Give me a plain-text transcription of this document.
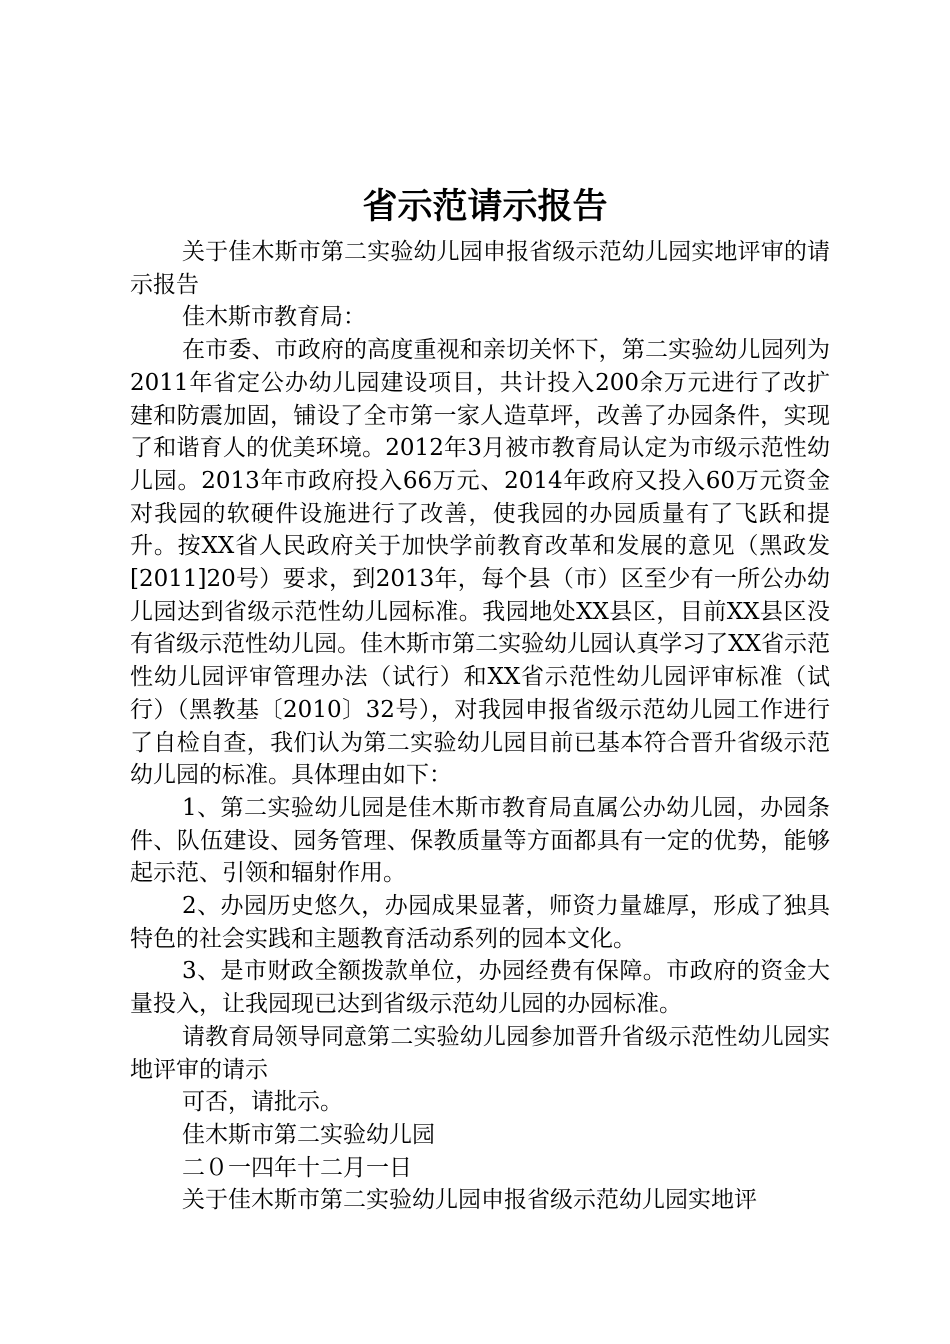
省示范请示报告

关于佳木斯市第二实验幼儿园申报省级示范幼儿园实地评审的请示报告

佳木斯市教育局：

在市委、市政府的高度重视和亲切关怀下，第二实验幼儿园列为2011年省定公办幼儿园建设项目，共计投入200余万元进行了改扩建和防震加固，铺设了全市第一家人造草坪，改善了办园条件，实现了和谐育人的优美环境。2012年3月被市教育局认定为市级示范性幼儿园。2013年市政府投入66万元、2014年政府又投入60万元资金对我园的软硬件设施进行了改善，使我园的办园质量有了飞跃和提升。按XX省人民政府关于加快学前教育改革和发展的意见（黑政发[2011]20号）要求，到2013年，每个县（市）区至少有一所公办幼儿园达到省级示范性幼儿园标准。我园地处XX县区，目前XX县区没有省级示范性幼儿园。佳木斯市第二实验幼儿园认真学习了XX省示范性幼儿园评审管理办法（试行）和XX省示范性幼儿园评审标准（试行）（黑教基〔2010〕32号），对我园申报省级示范幼儿园工作进行了自检自查，我们认为第二实验幼儿园目前已基本符合晋升省级示范幼儿园的标准。具体理由如下：

1、第二实验幼儿园是佳木斯市教育局直属公办幼儿园，办园条件、队伍建设、园务管理、保教质量等方面都具有一定的优势，能够起示范、引领和辐射作用。

2、办园历史悠久，办园成果显著，师资力量雄厚，形成了独具特色的社会实践和主题教育活动系列的园本文化。

3、是市财政全额拨款单位，办园经费有保障。市政府的资金大量投入，让我园现已达到省级示范幼儿园的办园标准。

请教育局领导同意第二实验幼儿园参加晋升省级示范性幼儿园实地评审的请示

可否，请批示。

佳木斯市第二实验幼儿园

二０一四年十二月一日

关于佳木斯市第二实验幼儿园申报省级示范幼儿园实地评
